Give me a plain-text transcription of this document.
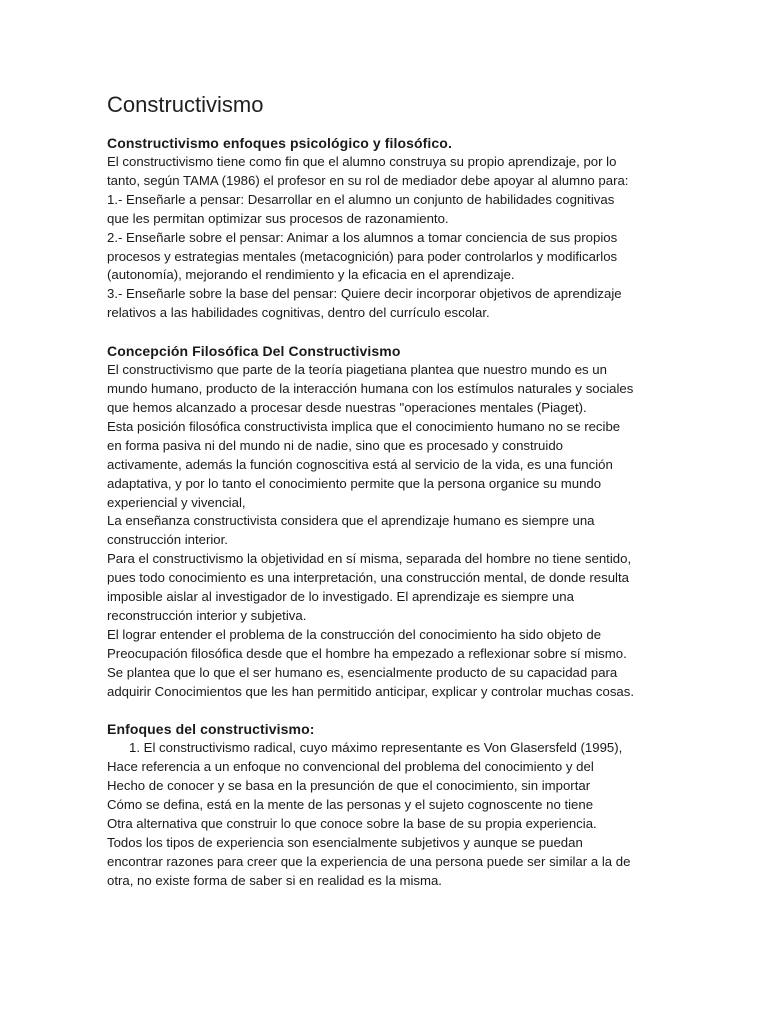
Constructivismo

Constructivismo enfoques psicológico y filosófico.

El constructivismo tiene como fin que el alumno construya su propio aprendizaje, por lo

tanto, según TAMA (1986) el profesor en su rol de mediador debe apoyar al alumno para:

1.- Enseñarle a pensar: Desarrollar en el alumno un conjunto de habilidades cognitivas

que les permitan optimizar sus procesos de razonamiento.

2.- Enseñarle sobre el pensar: Animar a los alumnos a tomar conciencia de sus propios

procesos y estrategias mentales (metacognición) para poder controlarlos y modificarlos

(autonomía), mejorando el rendimiento y la eficacia en el aprendizaje.

3.- Enseñarle sobre la base del pensar: Quiere decir incorporar objetivos de aprendizaje

relativos a las habilidades cognitivas, dentro del currículo escolar.

Concepción Filosófica Del Constructivismo

El constructivismo que parte de la teoría piagetiana plantea que nuestro mundo es un

mundo humano, producto de la interacción humana con los estímulos naturales y sociales

que hemos alcanzado a procesar desde nuestras "operaciones mentales (Piaget).

Esta posición filosófica constructivista implica que el conocimiento humano no se recibe

en forma pasiva ni del mundo ni de nadie, sino que es procesado y construido

activamente, además la función cognoscitiva está al servicio de la vida, es una función

adaptativa, y por lo tanto el conocimiento permite que la persona organice su mundo

experiencial y vivencial,

La enseñanza constructivista considera que el aprendizaje humano es siempre una

construcción interior.

Para el constructivismo la objetividad en sí misma, separada del hombre no tiene sentido,

pues todo conocimiento es una interpretación, una construcción mental, de donde resulta

imposible aislar al investigador de lo investigado. El aprendizaje es siempre una

reconstrucción interior y subjetiva.

El lograr entender el problema de la construcción del conocimiento ha sido objeto de

Preocupación filosófica desde que el hombre ha empezado a reflexionar sobre sí mismo.

Se plantea que lo que el ser humano es, esencialmente producto de su capacidad para

adquirir Conocimientos que les han permitido anticipar, explicar y controlar muchas cosas.

Enfoques del constructivismo:

1. El constructivismo radical, cuyo máximo representante es Von Glasersfeld (1995),

Hace referencia a un enfoque no convencional del problema del conocimiento y del

Hecho de conocer y se basa en la presunción de que el conocimiento, sin importar

Cómo se defina, está en la mente de las personas y el sujeto cognoscente no tiene

Otra alternativa que construir lo que conoce sobre la base de su propia experiencia.

Todos los tipos de experiencia son esencialmente subjetivos y aunque se puedan

encontrar razones para creer que la experiencia de una persona puede ser similar a la de

otra, no existe forma de saber si en realidad es la misma.
